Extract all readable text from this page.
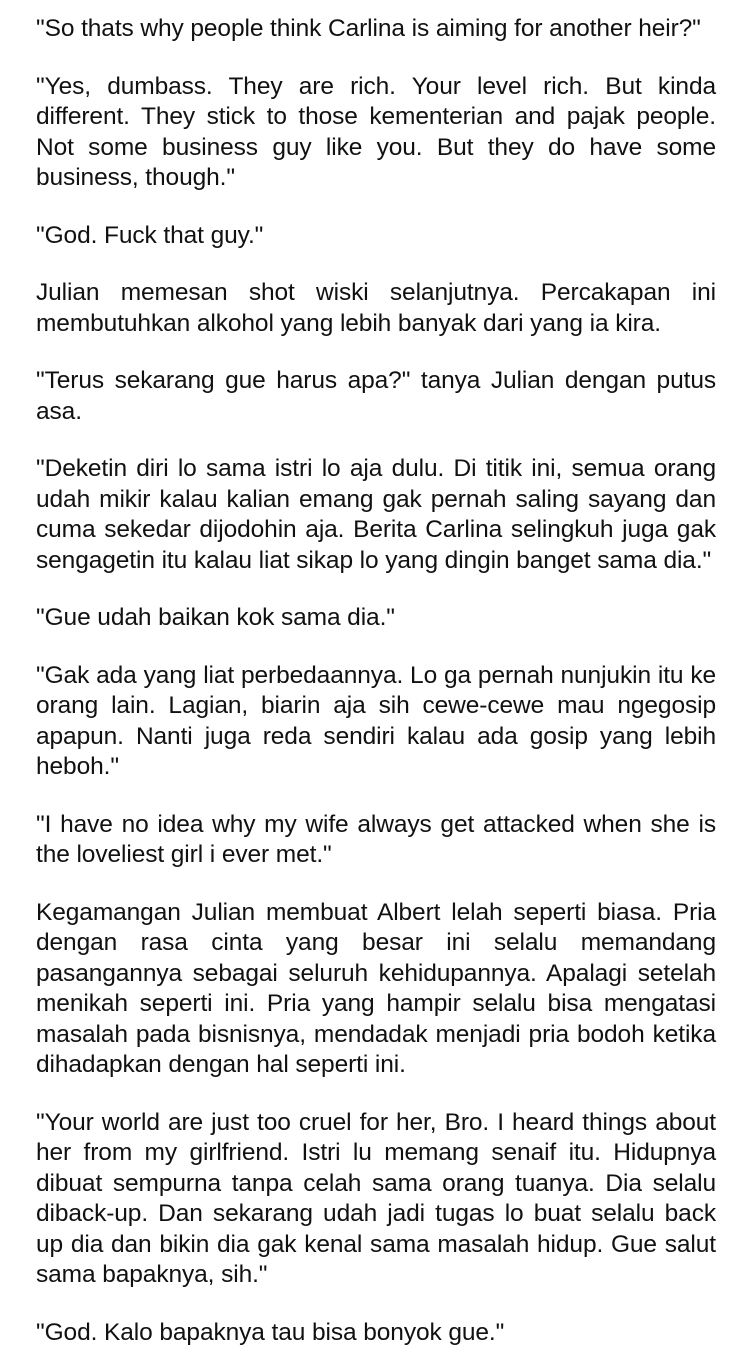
"So thats why people think Carlina is aiming for another heir?"

"Yes, dumbass. They are rich. Your level rich. But kinda different. They stick to those kementerian and pajak people. Not some business guy like you. But they do have some business, though."

"God. Fuck that guy."

Julian memesan shot wiski selanjutnya. Percakapan ini membutuhkan alkohol yang lebih banyak dari yang ia kira.

"Terus sekarang gue harus apa?" tanya Julian dengan putus asa.

"Deketin diri lo sama istri lo aja dulu. Di titik ini, semua orang udah mikir kalau kalian emang gak pernah saling sayang dan cuma sekedar dijodohin aja. Berita Carlina selingkuh juga gak sengagetin itu kalau liat sikap lo yang dingin banget sama dia."

"Gue udah baikan kok sama dia."

"Gak ada yang liat perbedaannya. Lo ga pernah nunjukin itu ke orang lain. Lagian, biarin aja sih cewe-cewe mau ngegosip apapun. Nanti juga reda sendiri kalau ada gosip yang lebih heboh."

"I have no idea why my wife always get attacked when she is the loveliest girl i ever met."

Kegamangan Julian membuat Albert lelah seperti biasa. Pria dengan rasa cinta yang besar ini selalu memandang pasangannya sebagai seluruh kehidupannya. Apalagi setelah menikah seperti ini. Pria yang hampir selalu bisa mengatasi masalah pada bisnisnya, mendadak menjadi pria bodoh ketika dihadapkan dengan hal seperti ini.

"Your world are just too cruel for her, Bro. I heard things about her from my girlfriend. Istri lu memang senaif itu. Hidupnya dibuat sempurna tanpa celah sama orang tuanya. Dia selalu diback-up. Dan sekarang udah jadi tugas lo buat selalu back up dia dan bikin dia gak kenal sama masalah hidup. Gue salut sama bapaknya, sih."

"God. Kalo bapaknya tau bisa bonyok gue."
